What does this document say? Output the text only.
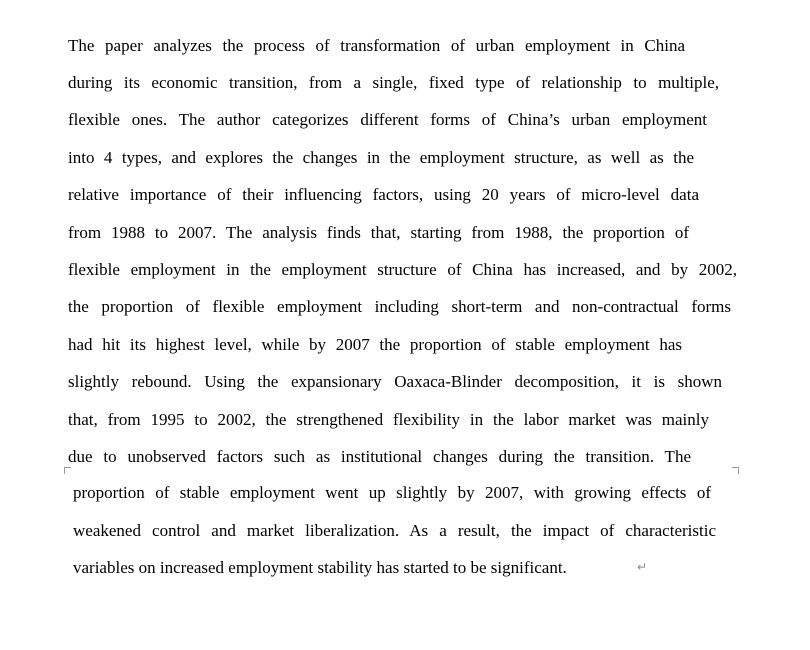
The paper analyzes the process of transformation of urban employment in China
during its economic transition, from a single, fixed type of relationship to multiple,
flexible ones. The author categorizes different forms of China’s urban employment
into 4 types, and explores the changes in the employment structure, as well as the
relative importance of their influencing factors, using 20 years of micro-level data
from 1988 to 2007. The analysis finds that, starting from 1988, the proportion of
flexible employment in the employment structure of China has increased, and by 2002,
the proportion of flexible employment including short-term and non-contractual forms
had hit its highest level, while by 2007 the proportion of stable employment has
slightly rebound. Using the expansionary Oaxaca-Blinder decomposition, it is shown
that, from 1995 to 2002, the strengthened flexibility in the labor market was mainly
due to unobserved factors such as institutional changes during the transition. The
proportion of stable employment went up slightly by 2007, with growing effects of
weakened control and market liberalization. As a result, the impact of characteristic
variables on increased employment stability has started to be significant.	↵
